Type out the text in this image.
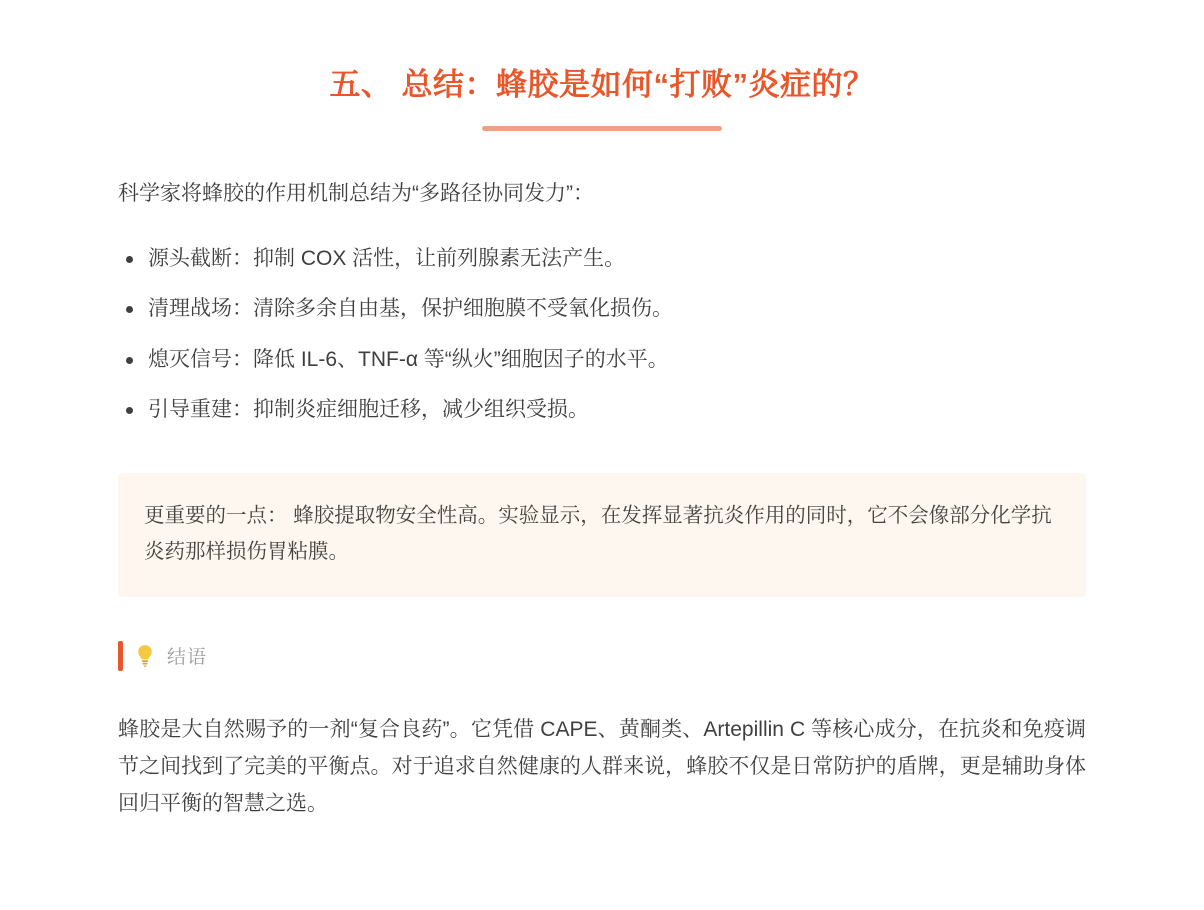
五、 总结：蜂胶是如何“打败”炎症的？

科学家将蜂胶的作用机制总结为“多路径协同发力”：

源头截断：抑制 COX 活性，让前列腺素无法产生。
清理战场：清除多余自由基，保护细胞膜不受氧化损伤。
熄灭信号：降低 IL-6、TNF-α 等“纵火”细胞因子的水平。
引导重建：抑制炎症细胞迁移，减少组织受损。

更重要的一点： 蜂胶提取物安全性高。实验显示，在发挥显著抗炎作用的同时，它不会像部分化学抗炎药那样损伤胃粘膜。

结语

蜂胶是大自然赐予的一剂“复合良药”。它凭借 CAPE、黄酮类、Artepillin C 等核心成分，在抗炎和免疫调节之间找到了完美的平衡点。对于追求自然健康的人群来说，蜂胶不仅是日常防护的盾牌，更是辅助身体回归平衡的智慧之选。
